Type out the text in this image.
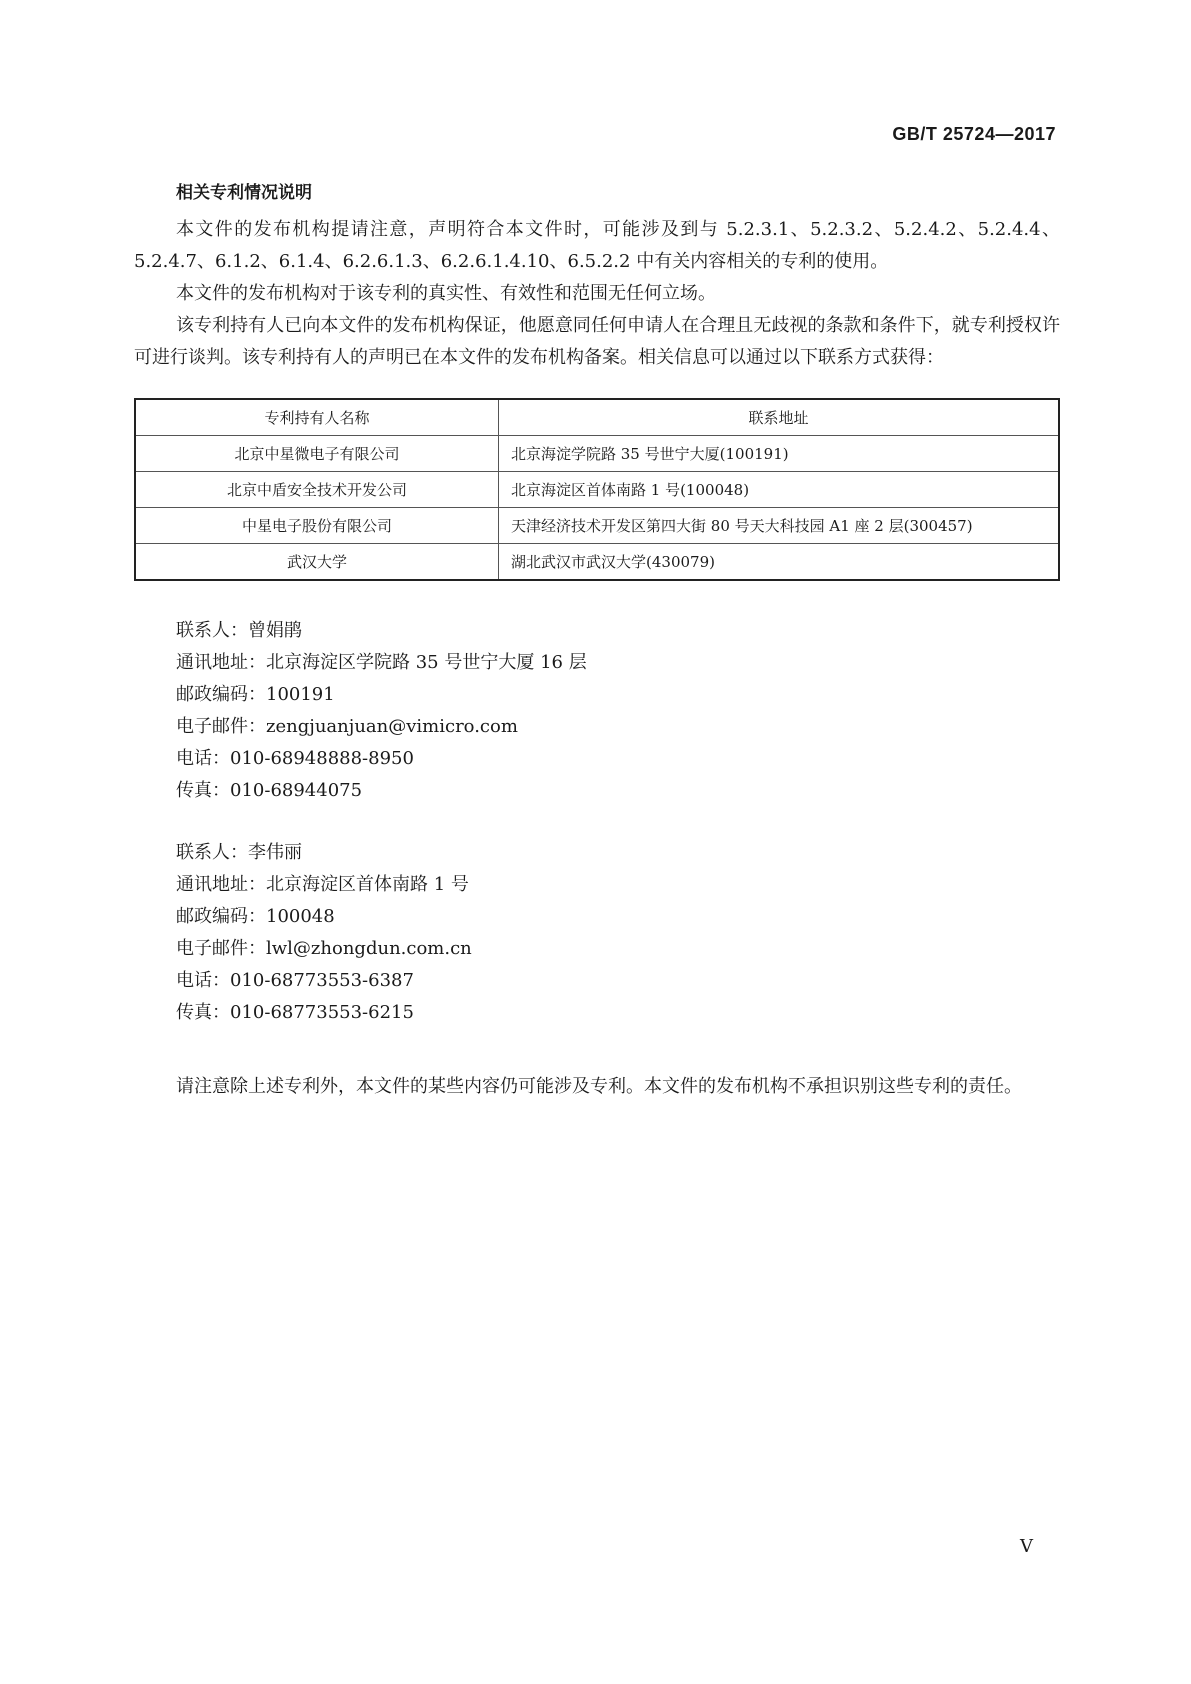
GB/T 25724—2017
相关专利情况说明

本文件的发布机构提请注意，声明符合本文件时，可能涉及到与 5.2.3.1、5.2.3.2、5.2.4.2、5.2.4.4、5.2.4.7、6.1.2、6.1.4、6.2.6.1.3、6.2.6.1.4.10、6.5.2.2 中有关内容相关的专利的使用。

本文件的发布机构对于该专利的真实性、有效性和范围无任何立场。

该专利持有人已向本文件的发布机构保证，他愿意同任何申请人在合理且无歧视的条款和条件下，就专利授权许可进行谈判。该专利持有人的声明已在本文件的发布机构备案。相关信息可以通过以下联系方式获得：

专利持有人名称	联系地址
北京中星微电子有限公司	北京海淀学院路 35 号世宁大厦(100191)
北京中盾安全技术开发公司	北京海淀区首体南路 1 号(100048)
中星电子股份有限公司	天津经济技术开发区第四大街 80 号天大科技园 A1 座 2 层(300457)
武汉大学	湖北武汉市武汉大学(430079)
联系人：曾娟鹃
通讯地址：北京海淀区学院路 35 号世宁大厦 16 层
邮政编码：100191
电子邮件：zengjuanjuan@vimicro.com
电话：010-68948888-8950
传真：010-68944075
联系人：李伟丽
通讯地址：北京海淀区首体南路 1 号
邮政编码：100048
电子邮件：lwl@zhongdun.com.cn
电话：010-68773553-6387
传真：010-68773553-6215

请注意除上述专利外，本文件的某些内容仍可能涉及专利。本文件的发布机构不承担识别这些专利的责任。

V
